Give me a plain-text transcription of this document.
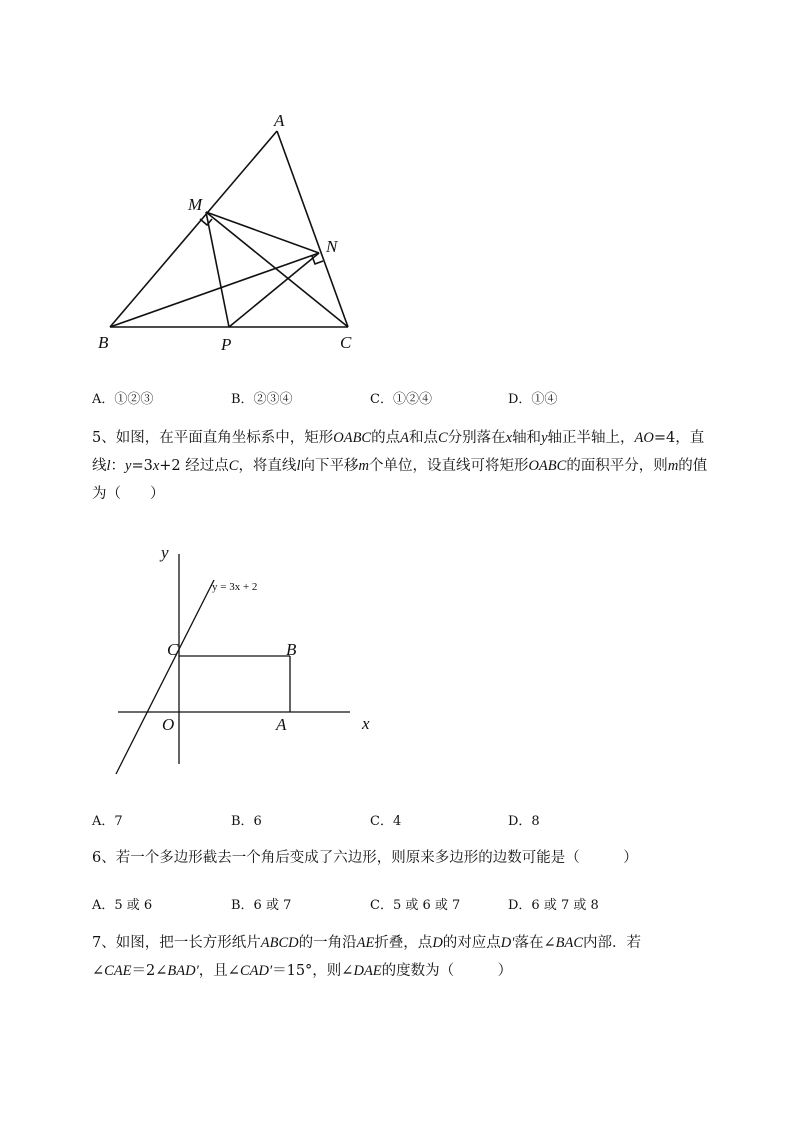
A
M
N
B	P	C
A．①②③	B．②③④	C．①②④	D．①④
5、如图，在平面直角坐标系中，矩形OABC的点A和点C分别落在x轴和y轴正半轴上，AO=4，直
线l：y=3x+2 经过点C，将直线l向下平移m个单位，设直线可将矩形OABC的面积平分，则m的值
为（　　）
y
y = 3x + 2
C	B
O	A	x
A．7	B．6	C．4	D．8
6、若一个多边形截去一个角后变成了六边形，则原来多边形的边数可能是（　　　）
A．5 或 6	B．6 或 7	C．5 或 6 或 7	D．6 或 7 或 8
7、如图，把一长方形纸片ABCD的一角沿AE折叠，点D的对应点D′落在∠BAC内部．若
∠CAE＝2∠BAD′，且∠CAD′＝15°，则∠DAE的度数为（　　　）
